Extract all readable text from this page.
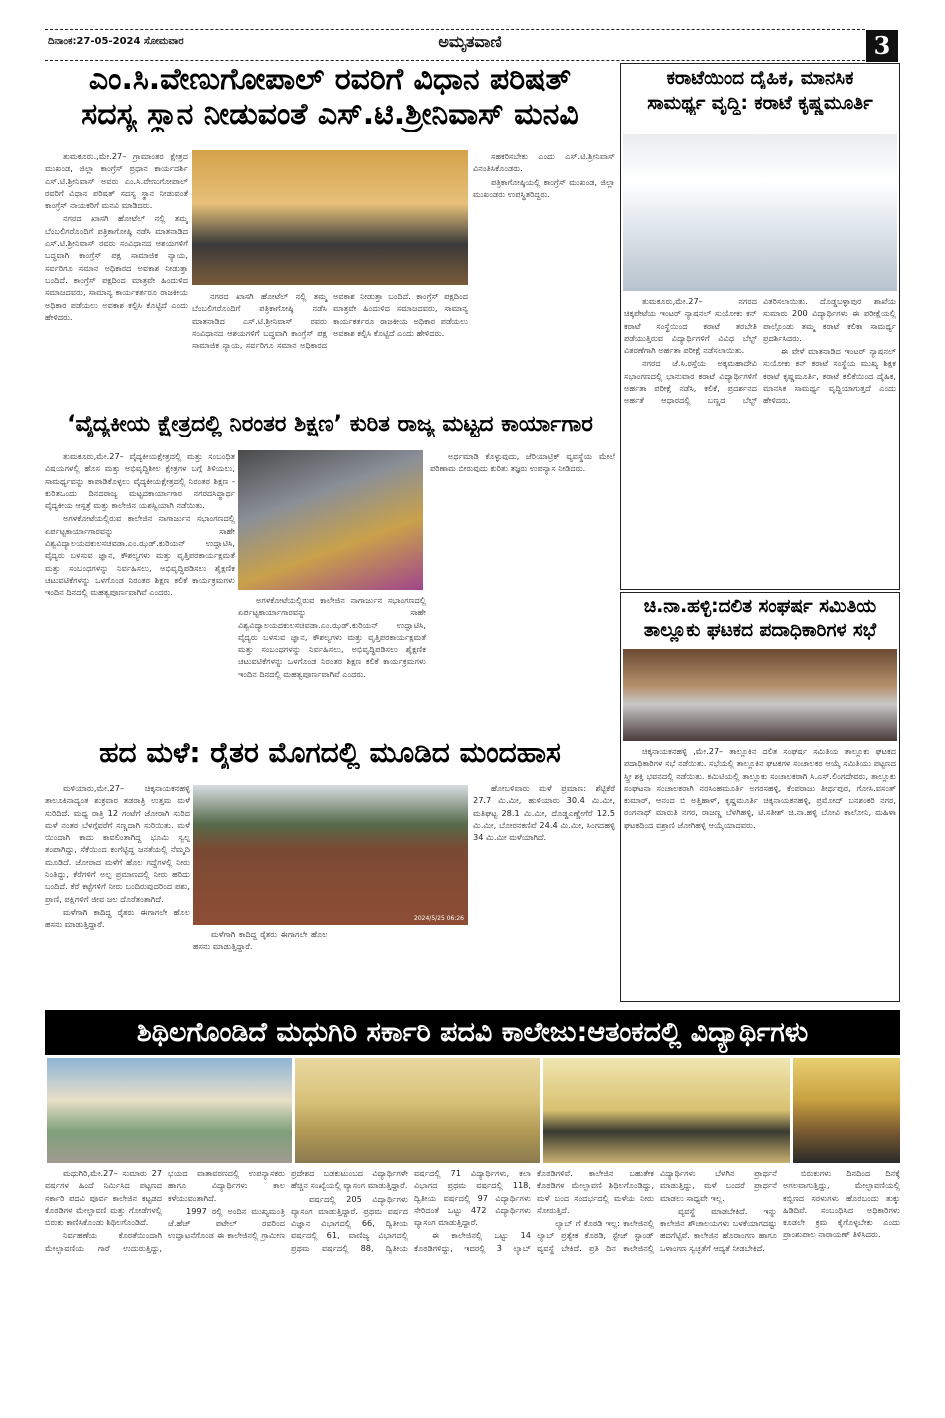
ದಿನಾಂಕ:27-05-2024 ಸೋಮವಾರ	ಅಮೃತವಾಣಿ	3
ಎಂ.ಸಿ.ವೇಣುಗೋಪಾಲ್ ರವರಿಗೆ ವಿಧಾನ ಪರಿಷತ್
ಸದಸ್ಯ ಸ್ಥಾನ ನೀಡುವಂತೆ ಎಸ್.ಟಿ.ಶ್ರೀನಿವಾಸ್ ಮನವಿ

ತುಮಕೂರು.,ಮೇ.27– ಗ್ರಾಮಾಂತರ ಕ್ಷೇತ್ರದ ಮುಖಂಡ, ಜಿಲ್ಲಾ ಕಾಂಗ್ರೆಸ್ ಪ್ರಧಾನ ಕಾರ್ಯದರ್ಶಿ ಎಸ್.ಟಿ.ಶ್ರೀನಿವಾಸ್ ಅವರು ಎಂ.ಸಿ.ವೇಣುಗೋಪಾಲ್ ರವರಿಗೆ ವಿಧಾನ ಪರಿಷತ್ ಸದಸ್ಯ ಸ್ಥಾನ ನೀಡುವಂತೆ ಕಾಂಗ್ರೆಸ್ ನಾಯಕರಿಗೆ ಮನವಿ ಮಾಡಿದರು.

ನಗರದ ಖಾಸಗಿ ಹೋಟೆಲ್ ನಲ್ಲಿ ತಮ್ಮ ಬೆಂಬಲಿಗರೊಂದಿಗೆ ಪತ್ರಿಕಾಗೋಷ್ಠಿ ನಡೆಸಿ ಮಾತನಾಡಿದ ಎಸ್.ಟಿ.ಶ್ರೀನಿವಾಸ್ ರವರು ಸಂವಿಧಾನದ ಆಶಯಗಳಿಗೆ ಬದ್ಧವಾಗಿ ಕಾಂಗ್ರೆಸ್ ಪಕ್ಷ ಸಾಮಾಜಿಕ ನ್ಯಾಯ, ಸರ್ವರಿಗೂ ಸಮಾನ ಅಧಿಕಾರದ ಅವಕಾಶ ನೀಡುತ್ತಾ ಬಂದಿದೆ. ಕಾಂಗ್ರೆಸ್ ಪಕ್ಷದಿಂದ ಮಾತ್ರವೇ ಹಿಂದುಳಿದ ಸಮಾಜದವರು, ಸಾಮಾನ್ಯ ಕಾರ್ಯಕರ್ತರೂ ರಾಜಕೀಯ ಅಧಿಕಾರ ಪಡೆಯಲು ಅವಕಾಶ ಕಲ್ಪಿಸಿ ಕೊಟ್ಟಿದೆ ಎಂದು ಹೇಳಿದರು.

ನಗರದ ಖಾಸಗಿ ಹೋಟೆಲ್ ನಲ್ಲಿ ತಮ್ಮ ಬೆಂಬಲಿಗರೊಂದಿಗೆ ಪತ್ರಿಕಾಗೋಷ್ಠಿ ನಡೆಸಿ ಮಾತನಾಡಿದ ಎಸ್.ಟಿ.ಶ್ರೀನಿವಾಸ್ ರವರು ಸಂವಿಧಾನದ ಆಶಯಗಳಿಗೆ ಬದ್ಧವಾಗಿ ಕಾಂಗ್ರೆಸ್ ಪಕ್ಷ ಸಾಮಾಜಿಕ ನ್ಯಾಯ, ಸರ್ವರಿಗೂ ಸಮಾನ ಅಧಿಕಾರದ ಅವಕಾಶ ನೀಡುತ್ತಾ ಬಂದಿದೆ. ಕಾಂಗ್ರೆಸ್ ಪಕ್ಷದಿಂದ ಮಾತ್ರವೇ ಹಿಂದುಳಿದ ಸಮಾಜದವರು, ಸಾಮಾನ್ಯ ಕಾರ್ಯಕರ್ತರೂ ರಾಜಕೀಯ ಅಧಿಕಾರ ಪಡೆಯಲು ಅವಕಾಶ ಕಲ್ಪಿಸಿ ಕೊಟ್ಟಿದೆ ಎಂದು ಹೇಳಿದರು.

ಸಹಕರಿಸಬೇಕು ಎಂದು ಎಸ್.ಟಿ.ಶ್ರೀನಿವಾಸ್ ವಿನಂತಿಸಿಕೊಂಡರು.

ಪತ್ರಿಕಾಗೋಷ್ಠಿಯಲ್ಲಿ ಕಾಂಗ್ರೆಸ್ ಮುಖಂಡ, ಜಿಲ್ಲಾ ಮುಖಂಡರು ಉಪಸ್ಥಿತರಿದ್ದರು.

ಕರಾಟೆಯಿಂದ ದೈಹಿಕ, ಮಾನಸಿಕ
ಸಾಮರ್ಥ್ಯ ವೃದ್ಧಿ: ಕರಾಟೆ ಕೃಷ್ಣಮೂರ್ತಿ

ತುಮಕೂರು,ಮೇ.27– ನಗರದ ಚಿಕ್ಕಪೇಟೆಯ ಇಂಟರ್ ನ್ಯಾಷನಲ್ ಸುಯೋಕು ಕನ್ ಕರಾಟೆ ಸಂಸ್ಥೆಯಿಂದ ಕರಾಟೆ ತರಬೇತಿ ಪಡೆಯುತ್ತಿರುವ ವಿದ್ಯಾರ್ಥಿಗಳಿಗೆ ವಿವಿಧ ಬೆಲ್ಟ್ ವಿತರಣೆಗಾಗಿ ಅರ್ಹತಾ ಪರೀಕ್ಷೆ ನಡೆಸಲಾಯಿತು.

ನಗರದ ಜೆ.ಸಿ.ರಸ್ತೆಯ ಅಕ್ಕಮಹಾದೇವಿ ಸಭಾಂಗಣದಲ್ಲಿ ಭಾನುವಾರ ಕರಾಟೆ ವಿದ್ಯಾರ್ಥಿಗಳಿಗೆ ಅರ್ಹತಾ ಪರೀಕ್ಷೆ ನಡೆಸಿ, ಕಲಿಕೆ, ಪ್ರದರ್ಶನದ ಅರ್ಹತೆ ಆಧಾರದಲ್ಲಿ ಬಣ್ಣದ ಬೆಲ್ಟ್ ವಿತರಿಸಲಾಯಿತು. ದೊಡ್ಡಬಳ್ಳಾಪುರ ಶಾಖೆಯ ಸುಮಾರು 200 ವಿದ್ಯಾರ್ಥಿಗಳು ಈ ಪರೀಕ್ಷೆಯಲ್ಲಿ ಪಾಲ್ಗೊಂಡು ತಮ್ಮ ಕರಾಟೆ ಕಲಿಕಾ ಸಾಮರ್ಥ್ಯ ಪ್ರದರ್ಶಿಸಿದರು.

ಈ ವೇಳೆ ಮಾತನಾಡಿದ ಇಂಟರ್ ನ್ಯಾಷನಲ್ ಸುಯೋಕು ಕನ್ ಕರಾಟೆ ಸಂಸ್ಥೆಯ ಮುಖ್ಯ ಶಿಕ್ಷಕ ಕರಾಟೆ ಕೃಷ್ಣಮೂರ್ತಿ, ಕರಾಟೆ ಕಲಿಕೆಯಿಂದ ದೈಹಿಕ, ಮಾನಸಿಕ ಸಾಮರ್ಥ್ಯ ವೃದ್ಧಿಯಾಗುತ್ತದೆ ಎಂದು ಹೇಳಿದರು.

‘ವೈದ್ಯಕೀಯ ಕ್ಷೇತ್ರದಲ್ಲಿ ನಿರಂತರ ಶಿಕ್ಷಣ’ ಕುರಿತ ರಾಜ್ಯ ಮಟ್ಟದ ಕಾರ್ಯಾಗಾರ

ತುಮಕೂರು,ಮೇ.27– ವೈದ್ಯಕೀಯಕ್ಷೇತ್ರದಲ್ಲಿ ಮತ್ತು ಸಂಬಂಧಿತ ವಿಷಯಗಳಲ್ಲಿ ಹೊಸ ಮತ್ತು ಅಭಿವೃದ್ಧಿಶೀಲ ಕ್ಷೇತ್ರಗಳ ಬಗ್ಗೆ ತಿಳಿಯಲು, ಸಾಮರ್ಥ್ಯವನ್ನು ಕಾಪಾಡಿಕೊಳ್ಳಲು ವೈದ್ಯಕೀಯಕ್ಷೇತ್ರದಲ್ಲಿ ನಿರಂತರ ಶಿಕ್ಷಣ - ಕುರಿತಒಂದು ದಿನದರಾಜ್ಯ ಮಟ್ಟದಕಾರ್ಯಾಗಾರ ನಗರದಸಿದ್ಧಾರ್ಥ ವೈದ್ಯಕೀಯ ಆಸ್ಪತ್ರೆ ಮತ್ತು ಕಾಲೇಜಿನ ಯಶಸ್ವಿಯಾಗಿ ನಡೆಯಿತು.

ಅಗಳಕೋಟೆಯಲ್ಲಿರುವ ಕಾಲೇಜಿನ ನಾಗಾರ್ಜುನ ಸಭಾಂಗಣದಲ್ಲಿ ಏರ್ಪಟ್ಟಕಾರ್ಯಾಗಾರವನ್ನು ಸಾಹೇ ವಿಶ್ವವಿದ್ಯಾಲಯದಕುಲಸಚಿವಡಾ.ಎಂ.ಝಡ್.ಕುರಿಯನ್ ಉದ್ಘಾಟಿಸಿ, ವೈದ್ಯರು ಬಳಸುವ ಜ್ಞಾನ, ಕೌಶಲ್ಯಗಳು ಮತ್ತು ವೃತ್ತಿಪರಕಾರ್ಯಕ್ಷಮತೆ ಮತ್ತು ಸಂಬಂಧಗಳನ್ನು ನಿರ್ವಹಿಸಲು, ಅಭಿವೃದ್ಧಿಪಡಿಸಲು ಶೈಕ್ಷಣಿಕ ಚಟುವಟಿಕೆಗಳನ್ನು ಒಳಗೊಂಡ ನಿರಂತರ ಶಿಕ್ಷಣ ಕಲಿಕೆ ಕಾರ್ಯಕ್ರಮಗಳು ಇಂದಿನ ದಿನದಲ್ಲಿ ಮಹತ್ವಪೂರ್ಣವಾಗಿವೆ ಎಂದರು.

ಅಗಳಕೋಟೆಯಲ್ಲಿರುವ ಕಾಲೇಜಿನ ನಾಗಾರ್ಜುನ ಸಭಾಂಗಣದಲ್ಲಿ ಏರ್ಪಟ್ಟಕಾರ್ಯಾಗಾರವನ್ನು ಸಾಹೇ ವಿಶ್ವವಿದ್ಯಾಲಯದಕುಲಸಚಿವಡಾ.ಎಂ.ಝಡ್.ಕುರಿಯನ್ ಉದ್ಘಾಟಿಸಿ, ವೈದ್ಯರು ಬಳಸುವ ಜ್ಞಾನ, ಕೌಶಲ್ಯಗಳು ಮತ್ತು ವೃತ್ತಿಪರಕಾರ್ಯಕ್ಷಮತೆ ಮತ್ತು ಸಂಬಂಧಗಳನ್ನು ನಿರ್ವಹಿಸಲು, ಅಭಿವೃದ್ಧಿಪಡಿಸಲು ಶೈಕ್ಷಣಿಕ ಚಟುವಟಿಕೆಗಳನ್ನು ಒಳಗೊಂಡ ನಿರಂತರ ಶಿಕ್ಷಣ ಕಲಿಕೆ ಕಾರ್ಯಕ್ರಮಗಳು ಇಂದಿನ ದಿನದಲ್ಲಿ ಮಹತ್ವಪೂರ್ಣವಾಗಿವೆ ಎಂದರು.

ಅರ್ಥಮಾಡಿ ಕೊಳ್ಳುವುದು, ಜೆರಿಯಾಟ್ರಿಕ್ ವ್ಯವಸ್ಥೆಯ ಮೇಲೆ ಪರಿಣಾಮ ಬೀರುವುದು ಕುರಿತು ತಜ್ಞರು ಉಪನ್ಯಾಸ ನೀಡಿದರು.

ಚಿ.ನಾ.ಹಳ್ಳಿ:ದಲಿತ ಸಂಘರ್ಷ ಸಮಿತಿಯ
ತಾಲ್ಲೂಕು ಘಟಕದ ಪದಾಧಿಕಾರಿಗಳ ಸಭೆ

ಚಿಕ್ಕನಾಯಕನಹಳ್ಳಿ ,ಮೇ.27– ತಾಲ್ಲೂಕಿನ ದಲಿತ ಸಂಘರ್ಷ ಸಮಿತಿಯ ತಾಲ್ಲೂಕು ಘಟಕದ ಪದಾಧಿಕಾರಿಗಳ ಸಭೆ ನಡೆಯಿತು. ಸಭೆಯಲ್ಲಿ ತಾಲ್ಲೂಕಿನ ಘಟಕಗಳ ಸಂಚಾಲಕರ ಆಯ್ಕೆ ಸಮಿತಿಯು ಪಟ್ಟಣದ ಸ್ತ್ರೀ ಶಕ್ತಿ ಭವನದಲ್ಲಿ ನಡೆಯಿತು. ಕಮಿಟಿಯಲ್ಲಿ ತಾಲ್ಲೂಕು ಸಂಚಾಲಕರಾಗಿ ಸಿ.ಎಸ್.ಲಿಂಗದೇವರು, ತಾಲ್ಲೂಕು ಸಂಘಟನಾ ಸಂಚಾಲಕರಾಗಿ ನರಸಿಂಹಮೂರ್ತಿ ಅಗರಸಹಳ್ಳಿ, ಕೆಂಪರಾಜು ತೀರ್ಥಪುರ, ಗೋಸಿ.ವಸಂತ್ ಕುಮಾರ್, ಆನಂದ ಬಿ ಅತ್ತಿಹಾಳ್, ಕೃಷ್ಣಮೂರ್ತಿ ಚಿಕ್ಕನಾಯಕನಹಳ್ಳಿ, ಪ್ರಮೋದ್ ಬನಶಂಕರಿ ನಗರ, ರಂಗನಾಥ್ ಮಾರುತಿ ನಗರ, ರಾಜಣ್ಣ ಬೆಳಗಿಹಳ್ಳಿ, ಟಿ.ಸತೀಶ್ ಚಿ.ನಾ.ಹಳ್ಳಿ ಬೋವಿ ಕಾಲೋನಿ, ಮಹಿಳಾ ಘಟಕದಿಂದ ವಶ್ರಾಣಿ ಜೋಗಿಹಳ್ಳಿ ಆಯ್ಕೆಯಾದವರು.

ಹದ ಮಳೆ: ರೈತರ ಮೊಗದಲ್ಲಿ ಮೂಡಿದ ಮಂದಹಾಸ

ಮಳಿಯಾರು,ಮೇ.27– ಚಿಕ್ಕನಾಯಕನಹಳ್ಳಿ ತಾಲೂಕಿನಾದ್ಯಂತ ಶುಕ್ರವಾರ ತಡರಾತ್ರಿ ಉತ್ತಮ ಮಳೆ ಸುರಿದಿದೆ. ಮಧ್ಯ ರಾತ್ರಿ 12 ಗಂಟೆಗೆ ಜೋರಾಗಿ ಸುರಿದ ಮಳೆ ನಂತರ ಬೆಳಗ್ಗೆವರೆಗೆ ಸಣ್ಣದಾಗಿ ಸುರಿಯಿತು. ಮಳೆ ಯಿಂದಾಗಿ ಕಾದು ಕಾವಲಿಂತಾಗಿದ್ದ ಭೂಮಿ ಸ್ವಲ್ಪ ತಂಪಾಗಿದ್ದು, ಸೆಕೆಯಿಂದ ಕಂಗೆಟ್ಟಿದ್ದ ಜನತೆಯಲ್ಲಿ ನೆಮ್ಮದಿ ಮೂಡಿದೆ. ಜೋರಾದ ಮಳೆಗೆ ಹೊಲ ಗದ್ದೆಗಳಲ್ಲಿ ನೀರು ನಿಂತಿದ್ದು, ಕೆರೆಗಳಿಗೆ ಅಲ್ಪ ಪ್ರಮಾಣದಲ್ಲಿ ನೀರು ಹರಿದು ಬಂದಿದೆ. ಕೆರೆ ಕಟ್ಟೆಗಳಿಗೆ ನೀರು ಬಂದಿರುವುದರಿಂದ ಪಶು, ಪ್ರಾಣಿ, ಪಕ್ಷಿಗಳಿಗೆ ಜೀವ ಜಲ ದೊರೆತಂತಾಗಿದೆ.

ಮಳೆಗಾಗಿ ಕಾದಿದ್ದ ರೈತರು ಈಗಾಗಲೇ ಹೊಲ ಹಸನು ಮಾಡುತ್ತಿದ್ದಾರೆ.

2024/5/25 06:26

ಮಳೆಗಾಗಿ ಕಾದಿದ್ದ ರೈತರು ಈಗಾಗಲೇ ಹೊಲ ಹಸನು ಮಾಡುತ್ತಿದ್ದಾರೆ.

ಹೋಬಳಿವಾರು ಮಳೆ ಪ್ರಮಾಣ: ಶೆಟ್ಟಿಕೆರೆ 27.7 ಮಿ.ಮೀ, ಹುಳಿಯಾರು 30.4 ಮಿ.ಮೀ, ಮತಿಘಟ್ಟ 28.1 ಮಿ.ಮೀ, ದೊಡ್ಡಎಣ್ಣೇಗೆರೆ 12.5 ಮಿ.ಮೀ, ಬೋರನಕಣಿವೆ 24.4 ಮಿ.ಮೀ, ಸಿಂಗದಹಳ್ಳಿ 34 ಮಿ.ಮೀ ಮಳೆಯಾಗಿದೆ.

ಶಿಥಿಲಗೊಂಡಿದೆ ಮಧುಗಿರಿ ಸರ್ಕಾರಿ ಪದವಿ ಕಾಲೇಜು:ಆತಂಕದಲ್ಲಿ ವಿದ್ಯಾರ್ಥಿಗಳು

ಮಧುಗಿರಿ,ಮೇ.27– ಸುಮಾರು 27 ವರ್ಷಗಳ ಹಿಂದೆ ನಿರ್ಮಿಸಿದ ಪಟ್ಟಣದ ಸರ್ಕಾರಿ ಪದವಿ ಪೂರ್ವ ಕಾಲೇಜಿನ ಕಟ್ಟಡದ ಕೊಠಡಿಗಳ ಮೇಲ್ಛಾವಣಿ ಮತ್ತು ಗೋಡೆಗಳಲ್ಲಿ ಬಿರುಕು ಕಾಣಿಸಿಕೊಂಡು ಶಿಥಿಲಗೊಂಡಿದೆ.

ನಿರ್ವಹಣೆಯ ಕೊರತೆಯಿಂದಾಗಿ ಮೇಲ್ಛಾವಣಿಯ ಗಾರೆ ಉದುರುತ್ತಿದ್ದು, ಭಯದ ವಾತಾವರಣದಲ್ಲಿ ಉಪನ್ಯಾಸಕರು ಹಾಗೂ ವಿದ್ಯಾರ್ಥಿಗಳು ಕಾಲ ಕಳೆಯುವಂತಾಗಿದೆ.

1997 ರಲ್ಲಿ ಅಂದಿನ ಮುಖ್ಯಮಂತ್ರಿ ಜೆ.ಹೆಚ್ ಪಟೇಲ್ ರವರಿಂದ ಉದ್ಘಾಟನೆಗೊಂಡ ಈ ಕಾಲೇಜಿನಲ್ಲಿ ಗ್ರಾಮೀಣ ಪ್ರದೇಶದ ಬಡಕುಟುಂಬದ ವಿದ್ಯಾರ್ಥಿಗಳೇ ಹೆಚ್ಚಿನ ಸಂಖ್ಯೆಯಲ್ಲಿ ವ್ಯಾಸಂಗ ಮಾಡುತ್ತಿದ್ದಾರೆ.

ವರ್ಷದಲ್ಲಿ 205 ವಿದ್ಯಾರ್ಥಿಗಳು ವ್ಯಾಸಂಗ ಮಾಡುತ್ತಿದ್ದಾರೆ. ಪ್ರಥಮ ವರ್ಷದ ವಿಜ್ಞಾನ ವಿಭಾಗದಲ್ಲಿ 66, ದ್ವಿತೀಯ ವರ್ಷದಲ್ಲಿ 61, ವಾಣಿಜ್ಯ ವಿಭಾಗದಲ್ಲಿ ಪ್ರಥಮ ವರ್ಷದಲ್ಲಿ 88, ದ್ವಿತೀಯ ವರ್ಷದಲ್ಲಿ 71 ವಿದ್ಯಾರ್ಥಿಗಳು, ಕಲಾ ವಿಭಾಗದ ಪ್ರಥಮ ವರ್ಷದಲ್ಲಿ 118, ದ್ವಿತೀಯ ವರ್ಷದಲ್ಲಿ 97 ವಿದ್ಯಾರ್ಥಿಗಳು ಸೇರಿದಂತೆ ಒಟ್ಟು 472 ವಿದ್ಯಾರ್ಥಿಗಳು ವ್ಯಾಸಂಗ ಮಾಡುತ್ತಿದ್ದಾರೆ.

ಈ ಕಾಲೇಜಿನಲ್ಲಿ ಒಟ್ಟು 14 ಕೊಠಡಿಗಳಿದ್ದು, ಇದರಲ್ಲಿ 3 ಲ್ಯಾಬ್ ಕೊಠಡಿಗಳಿವೆ. ಕಾಲೇಜಿನ ಬಹುತೇಕ ಕೊಠಡಿಗಳ ಮೇಲ್ಛಾವಣಿ ಶಿಥಿಲಗೊಂಡಿದ್ದು, ಮಳೆ ಬಂದ ಸಂದರ್ಭದಲ್ಲಿ ಮಳೆಯ ನೀರು ಸೋರುತ್ತಿದೆ.

ಲ್ಯಾಬ್ ಗೆ ಕೊಠಡಿ ಇಲ್ಲ: ಕಾಲೇಜಿನಲ್ಲಿ ಲ್ಯಾಬ್ ಪ್ರತ್ಯೇಕ ಕೊಠಡಿ, ಸ್ಟೇಜ್ ಸ್ಟಾಂಡ್ ವ್ಯವಸ್ಥೆ ಬೇಕಿದೆ. ಪ್ರತಿ ದಿನ ಕಾಲೇಜಿನಲ್ಲಿ ವಿದ್ಯಾರ್ಥಿಗಳು ಬೆಳಗಿನ ಪ್ರಾರ್ಥನೆ ಮಾಡುತ್ತಿದ್ದು, ಮಳೆ ಬಂದರೆ ಪ್ರಾರ್ಥನೆ ಮಾಡಲು ಸಾಧ್ಯವೇ ಇಲ್ಲ.

ವ್ಯವಸ್ಥೆ ಮಾಡಬೇಕಿದೆ. ಇನ್ನು ಕಾಲೇಜಿನ ಶೌಚಾಲಯಗಳು ಬಳಕೆಯಾಗದಷ್ಟು ಹದಗೆಟ್ಟಿವೆ. ಕಾಲೇಜಿನ ಹೊರಾಂಗಣ ಹಾಗೂ ಒಳಾಂಗಣ ಸ್ವಚ್ಛತೆಗೆ ಆದ್ಯತೆ ನೀಡಬೇಕಿದೆ.

ಬಿರುಕುಗಳು ದಿನದಿಂದ ದಿನಕ್ಕೆ ಅಗಲವಾಗುತ್ತಿದ್ದು, ಮೇಲ್ಛಾವಣಿಯಲ್ಲಿ ಕಬ್ಬಿಣದ ಸರಳುಗಳು ಹೊರಬಂದು ತುಕ್ಕು ಹಿಡಿದಿವೆ. ಸಂಬಂಧಿಸಿದ ಅಧಿಕಾರಿಗಳು ಕೂಡಲೇ ಕ್ರಮ ಕೈಗೊಳ್ಳಬೇಕು ಎಂದು ಪ್ರಾಂಶುಪಾಲ ನಾರಾಯಣ್ ತಿಳಿಸಿದರು.
